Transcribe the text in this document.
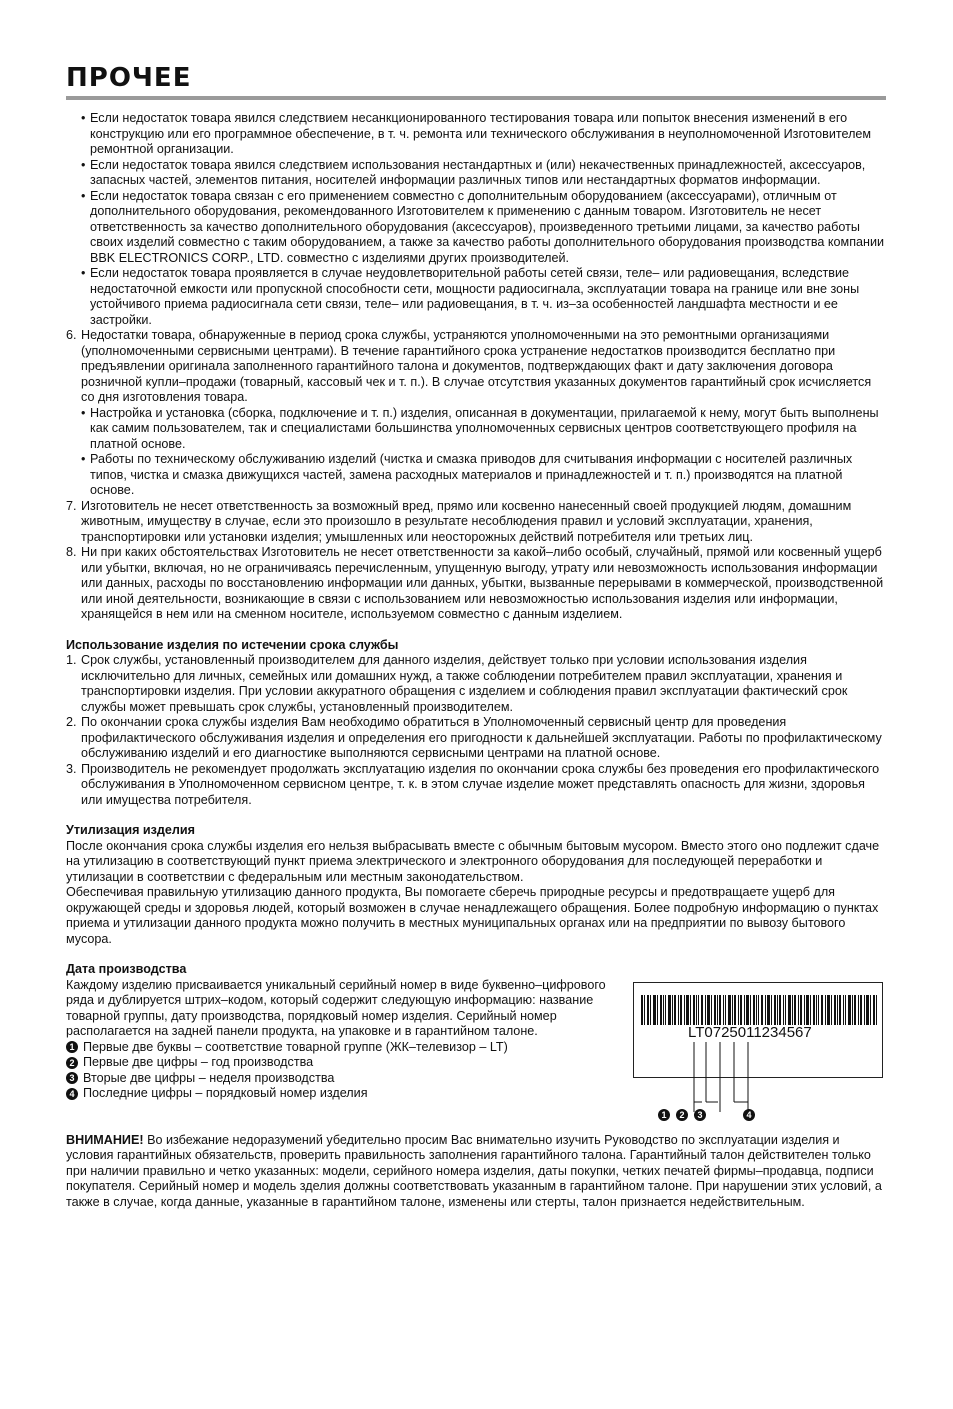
ПРОЧЕЕ
• Если недостаток товара явился следствием несанкционированного тестирования товара или попыток внесения изменений в его конструкцию или его программное обеспечение, в т. ч. ремонта или технического обслуживания в неуполномоченной Изготовителем ремонтной организации.
• Если недостаток товара явился следствием использования нестандартных и (или) некачественных принадлежностей, аксессуаров, запасных частей, элементов питания, носителей информации различных типов или нестандартных форматов информации.
• Если недостаток товара связан с его применением совместно с дополнительным оборудованием (аксессуарами), отличным от дополнительного оборудования, рекомендованного Изготовителем к применению с данным товаром. Изготовитель не несет ответственность за качество дополнительного оборудования (аксессуаров), произведенного третьими лицами, за качество работы своих изделий совместно с таким оборудованием, а также за качество работы дополнительного оборудования производства компании BBK ELECTRONICS CORP., LTD. совместно с изделиями других производителей.
• Если недостаток товара проявляется в случае неудовлетворительной работы сетей связи, теле– или радиовещания, вследствие недостаточной емкости или пропускной способности сети, мощности радиосигнала, эксплуатации товара на границе или вне зоны устойчивого приема радиосигнала сети связи, теле– или радиовещания, в т. ч. из–за особенностей ландшафта местности и ее застройки.
6. Недостатки товара, обнаруженные в период срока службы, устраняются уполномоченными на это ремонтными организациями (уполномоченными сервисными центрами). В течение гарантийного срока устранение недостатков производится бесплатно при предъявлении оригинала заполненного гарантийного талона и документов, подтверждающих факт и дату заключения договора розничной купли–продажи (товарный, кассовый чек и т. п.). В случае отсутствия указанных документов гарантийный срок исчисляется со дня изготовления товара.
• Настройка и установка (сборка, подключение и т. п.) изделия, описанная в документации, прилагаемой к нему, могут быть выполнены как самим пользователем, так и специалистами большинства уполномоченных сервисных центров соответствующего профиля на платной основе.
• Работы по техническому обслуживанию изделий (чистка и смазка приводов для считывания информации с носителей различных типов, чистка и смазка движущихся частей, замена расходных материалов и принадлежностей и т. п.) производятся на платной основе.
7. Изготовитель не несет ответственность за возможный вред, прямо или косвенно нанесенный своей продукцией людям, домашним животным, имуществу в случае, если это произошло в результате несоблюдения правил и условий эксплуатации, хранения, транспортировки или установки изделия; умышленных или неосторожных действий потребителя или третьих лиц.
8. Ни при каких обстоятельствах Изготовитель не несет ответственности за какой–либо особый, случайный, прямой или косвенный ущерб или убытки, включая, но не ограничиваясь перечисленным, упущенную выгоду, утрату или невозможность использования информации или данных, расходы по восстановлению информации или данных, убытки, вызванные перерывами в коммерческой, производственной или иной деятельности, возникающие в связи с использованием или невозможностью использования изделия или информации, хранящейся в нем или на сменном носителе, используемом совместно с данным изделием.
Использование изделия по истечении срока службы
1. Срок службы, установленный производителем для данного изделия, действует только при условии использования изделия исключительно для личных, семейных или домашних нужд, а также соблюдении потребителем правил эксплуатации, хранения и транспортировки изделия. При условии аккуратного обращения с изделием и соблюдения правил эксплуатации фактический срок службы может превышать срок службы, установленный производителем.
2. По окончании срока службы изделия Вам необходимо обратиться в Уполномоченный сервисный центр для проведения профилактического обслуживания изделия и определения его пригодности к дальнейшей эксплуатации. Работы по профилактическому обслуживанию изделий и его диагностике выполняются сервисными центрами на платной основе.
3. Производитель не рекомендует продолжать эксплуатацию изделия по окончании срока службы без проведения его профилактического обслуживания в Уполномоченном сервисном центре, т. к. в этом случае изделие может представлять опасность для жизни, здоровья или имущества потребителя.
Утилизация изделия
После окончания срока службы изделия его нельзя выбрасывать вместе с обычным бытовым мусором. Вместо этого оно подлежит сдаче на утилизацию в соответствующий пункт приема электрического и электронного оборудования для последующей переработки и утилизации в соответствии с федеральным или местным законодательством.
Обеспечивая правильную утилизацию данного продукта, Вы помогаете сберечь природные ресурсы и предотвращаете ущерб для окружающей среды и здоровья людей, который возможен в случае ненадлежащего обращения. Более подробную информацию о пунктах приема и утилизации данного продукта можно получить в местных муниципальных органах или на предприятии по вывозу бытового мусора.
Дата производства
Каждому изделию присваивается уникальный серийный номер в виде буквенно–цифрового ряда и дублируется штрих–кодом, который содержит следующую информацию: название товарной группы, дату производства, порядковый номер изделия. Серийный номер располагается на задней панели продукта, на упаковке и в гарантийном талоне.
1 Первые две буквы – соответствие товарной группе (ЖК–телевизор – LT)
2 Первые две цифры – год производства
3 Вторые две цифры – неделя производства
4 Последние цифры – порядковый номер изделия
LT0725011234567
1 2 3	4
ВНИМАНИЕ! Во избежание недоразумений убедительно просим Вас внимательно изучить Руководство по эксплуатации изделия и условия гарантийных обязательств, проверить правильность заполнения гарантийного талона. Гарантийный талон действителен только при наличии правильно и четко указанных: модели, серийного номера изделия, даты покупки, четких печатей фирмы–продавца, подписи покупателя. Серийный номер и модель зделия должны соответствовать указанным в гарантийном талоне. При нарушении этих условий, а также в случае, когда данные, указанные в гарантийном талоне, изменены или стерты, талон признается недействительным.
